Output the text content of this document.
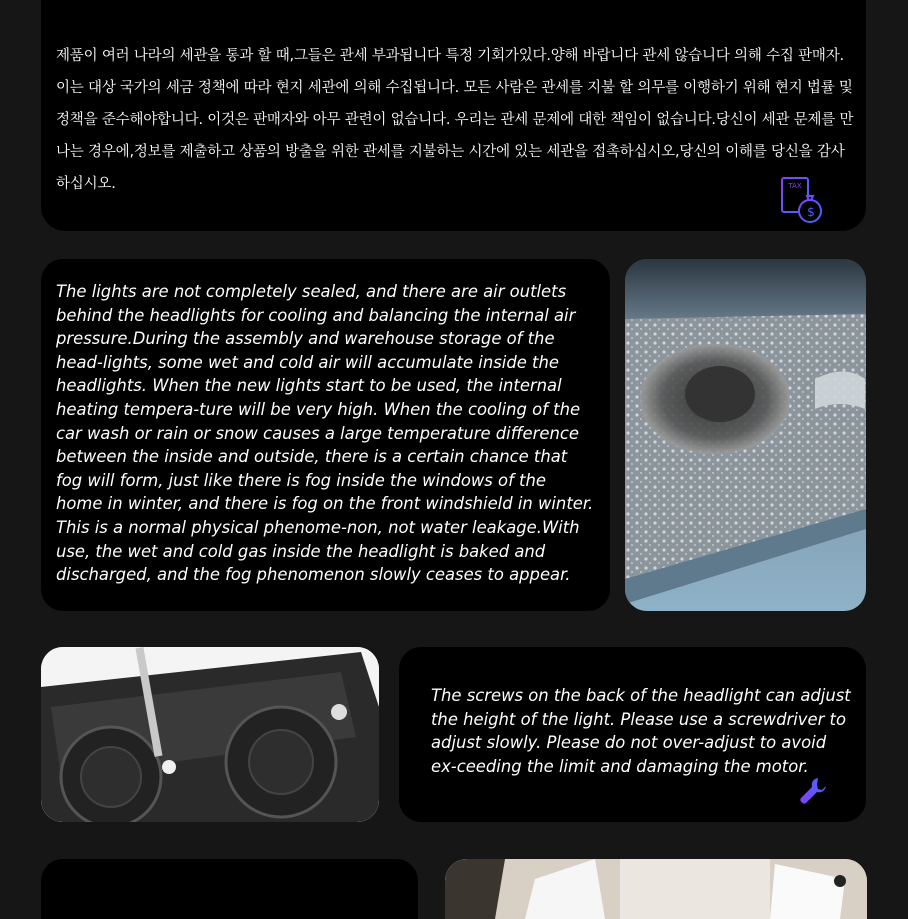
제품이 여러 나라의 세관을 통과 할 때,그들은 관세 부과됩니다 특정 기회가있다.양해 바랍니다 관세 않습니다 의해 수집 판매자. 이는 대상 국가의 세금 정책에 따라 현지 세관에 의해 수집됩니다. 모든 사람은 관세를 지불 할 의무를 이행하기 위해 현지 법률 및 정책을 준수해야합니다. 이것은 판매자와 아무 관련이 없습니다. 우리는 관세 문제에 대한 책임이 없습니다.당신이 세관 문제를 만나는 경우에,정보를 제출하고 상품의 방출을 위한 관세를 지불하는 시간에 있는 세관을 접촉하십시오,당신의 이해를 당신을 감사하십시오.	TAX
$
The lights are not completely sealed, and there are air outlets behind the headlights for cooling and balancing the internal air pressure.During the assembly and warehouse storage of the head-lights, some wet and cold air will accumulate inside the headlights. When the new lights start to be used, the internal heating tempera-ture will be very high. When the cooling of the car wash or rain or snow causes a large temperature difference between the inside and outside, there is a certain chance that fog will form, just like there is fog inside the windows of the home in winter, and there is fog on the front windshield in winter. This is a normal physical phenome-non, not water leakage.With use, the wet and cold gas inside the headlight is baked and discharged, and the fog phenomenon slowly ceases to appear.
The screws on the back of the headlight can adjust the height of the light. Please use a screwdriver to adjust slowly. Please do not over-adjust to avoid ex-ceeding the limit and damaging the motor.
